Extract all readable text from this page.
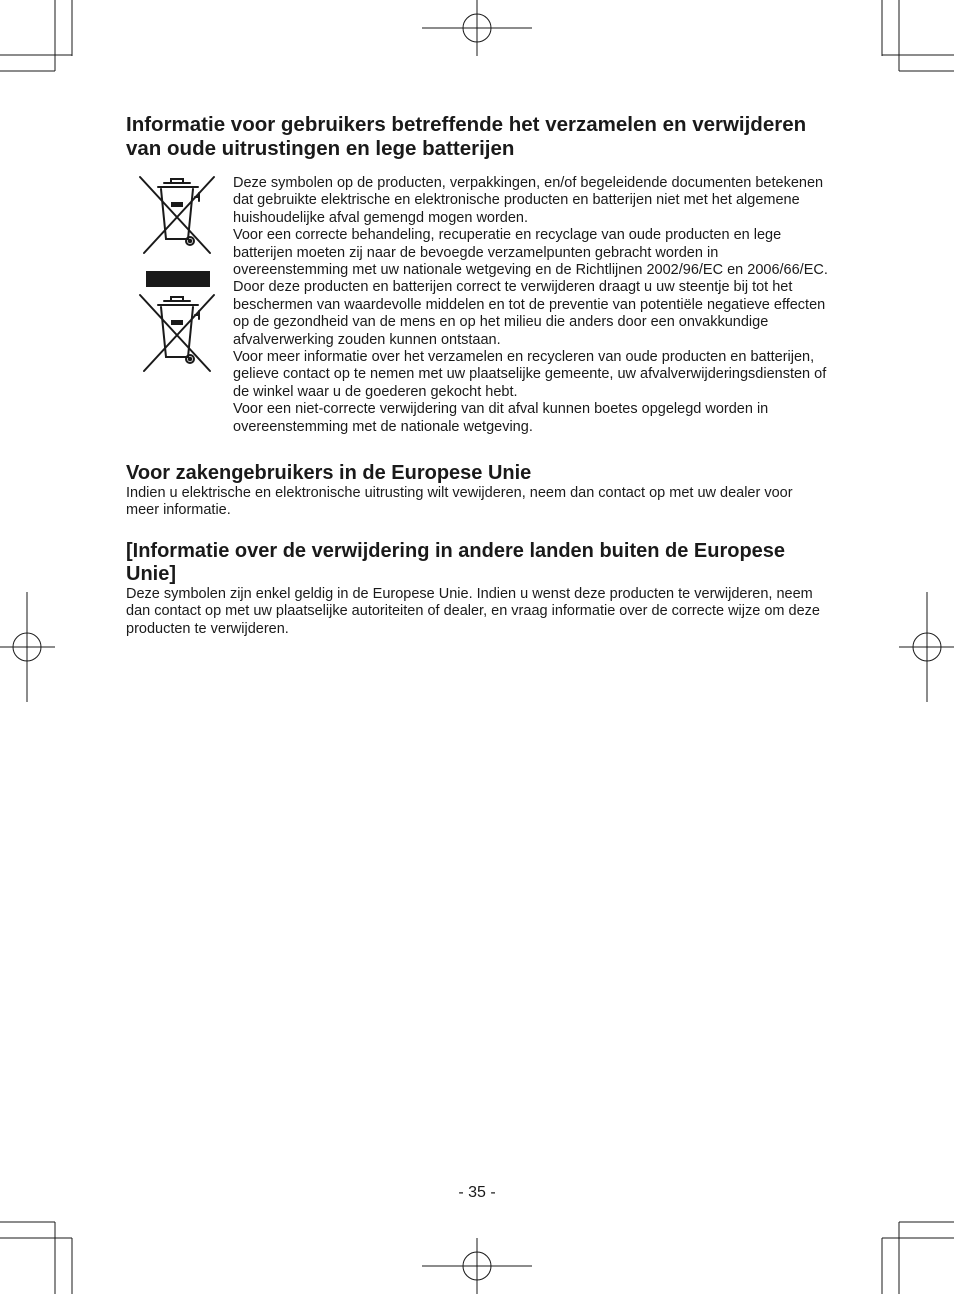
Informatie voor gebruikers betreffende het verzamelen en verwijderen van oude uitrustingen en lege batterijen

Deze symbolen op de producten, verpakkingen, en/of begeleidende documenten betekenen dat gebruikte elektrische en elektronische producten en batterijen niet met het algemene huishoudelijke afval gemengd mogen worden.

Voor een correcte behandeling, recuperatie en recyclage van oude producten en lege batterijen moeten zij naar de bevoegde verzamelpunten gebracht worden in overeenstemming met uw nationale wetgeving en de Richtlijnen 2002/96/EC en 2006/66/EC.

Door deze producten en batterijen correct te verwijderen draagt u uw steentje bij tot het beschermen van waardevolle middelen en tot de preventie van potentiële negatieve effecten op de gezondheid van de mens en op het milieu die anders door een onvakkundige afvalverwerking zouden kunnen ontstaan.

Voor meer informatie over het verzamelen en recycleren van oude producten en batterijen, gelieve contact op te nemen met uw plaatselijke gemeente, uw afvalverwijderingsdiensten of de winkel waar u de goederen gekocht hebt.

Voor een niet-correcte verwijdering van dit afval kunnen boetes opgelegd worden in overeenstemming met de nationale wetgeving.

Voor zakengebruikers in de Europese Unie

Indien u elektrische en elektronische uitrusting wilt vewijderen, neem dan contact op met uw dealer voor meer informatie.

[Informatie over de verwijdering in andere landen buiten de Europese Unie]

Deze symbolen zijn enkel geldig in de Europese Unie. Indien u wenst deze producten te verwijderen, neem dan contact op met uw plaatselijke autoriteiten of dealer, en vraag informatie over de correcte wijze om deze producten te verwijderen.

- 35 -
